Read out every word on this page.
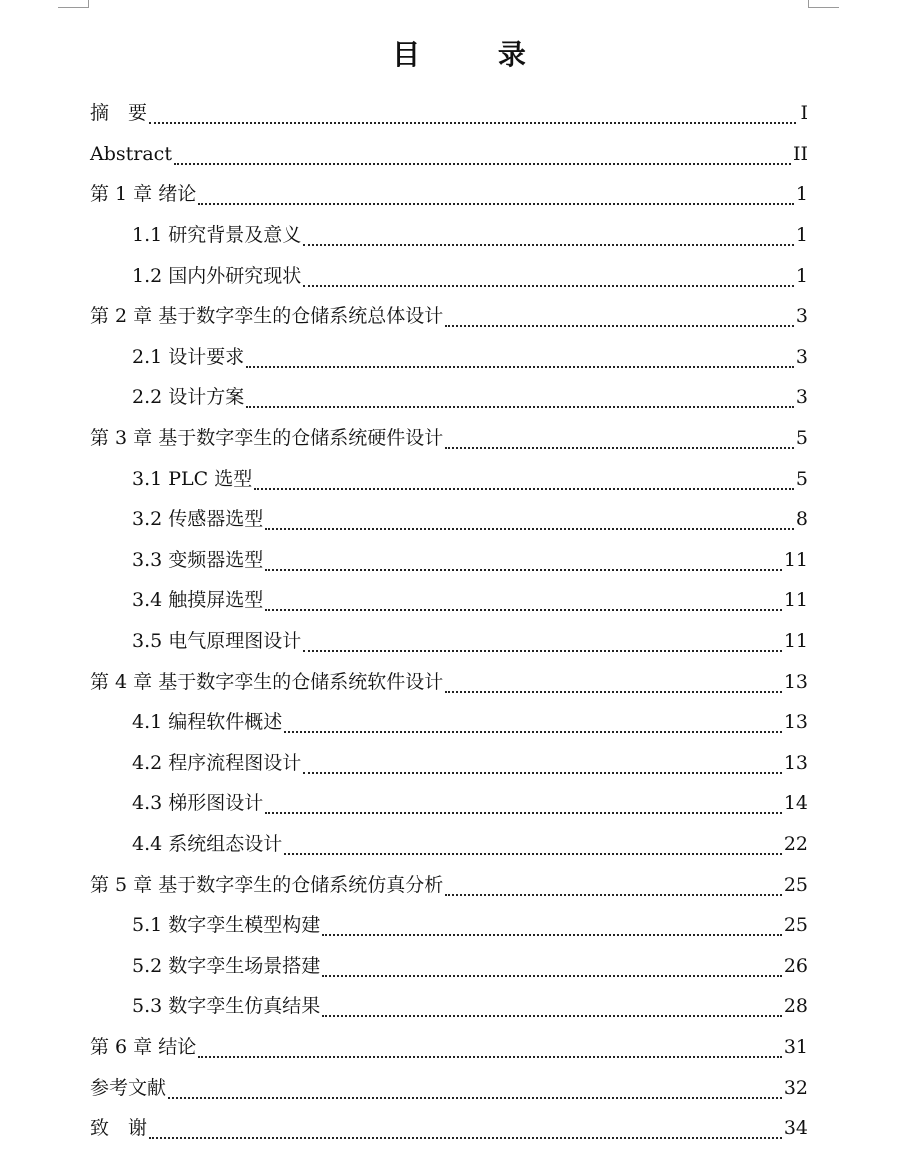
目 录
摘　要	I
Abstract	II
第 1 章 绪论	1
1.1 研究背景及意义	1
1.2 国内外研究现状	1
第 2 章 基于数字孪生的仓储系统总体设计	3
2.1 设计要求	3
2.2 设计方案	3
第 3 章 基于数字孪生的仓储系统硬件设计	5
3.1 PLC 选型	5
3.2 传感器选型	8
3.3 变频器选型	11
3.4 触摸屏选型	11
3.5 电气原理图设计	11
第 4 章 基于数字孪生的仓储系统软件设计	13
4.1 编程软件概述	13
4.2 程序流程图设计	13
4.3 梯形图设计	14
4.4 系统组态设计	22
第 5 章 基于数字孪生的仓储系统仿真分析	25
5.1 数字孪生模型构建	25
5.2 数字孪生场景搭建	26
5.3 数字孪生仿真结果	28
第 6 章 结论	31
参考文献	32
致　谢	34
